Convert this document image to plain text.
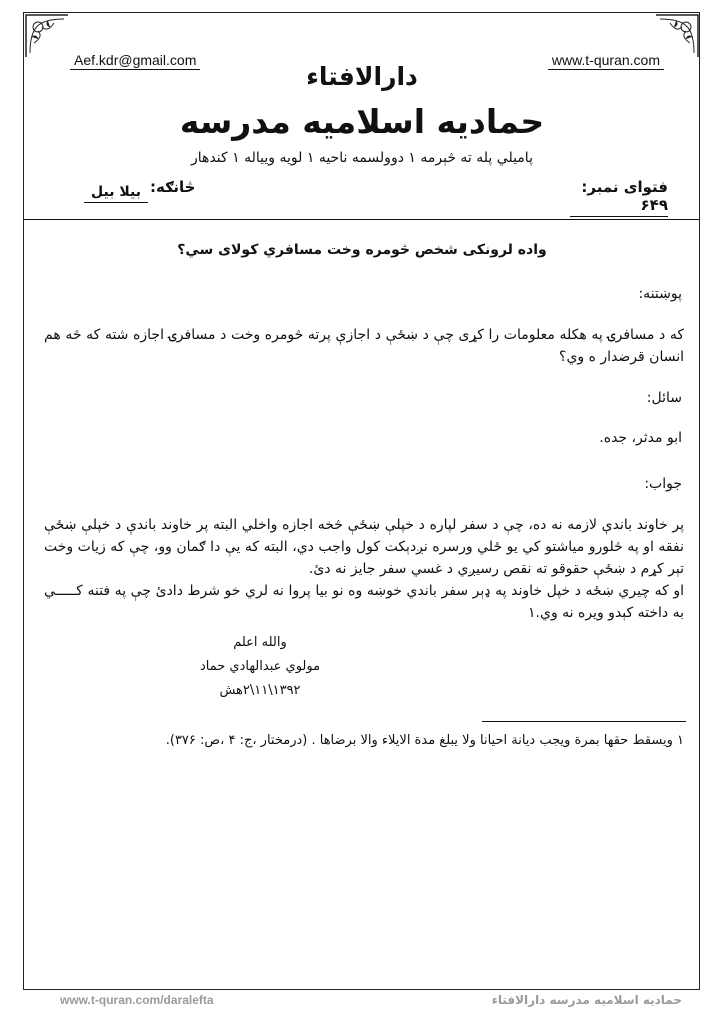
Aef.kdr@gmail.com	www.t-quran.com
دارالافتاء
حمادیه اسلامیه مدرسه
پاميلي پله ته څېرمه ۱ دوولسمه ناحيه ۱ لويه ويياله ۱ کندهار
فتوای نمبر: ۶۴۹
څانګه:
بيلا بيل
واده لرونکی شخص څومره وخت مسافري کولای سي؟
پوښتنه:
که د مسافرۍ په هکله معلومات را کړی چې د ښځې د اجازې پرته څومره وخت د مسافرۍ اجازه شته که څه هم انسان قرضدار ه وي؟
سائل:
ابو مدثر، جده.
جواب:
پر خاوند باندې لازمه نه ده، چې د سفر لپاره د خپلې ښځې څخه اجازه واخلي البته پر خاوند باندې د خپلې ښځې نفقه او په څلورو میاشتو کي يو ځلي ورسره نږدېکت کول واجب دي، البته که يې دا ګمان وو، چې که زيات وخت تېر کړم د ښځې حقوقو ته نقص رسيږي د غسي سفر جايز نه دئ.
او که چيري ښځه د خپل خاوند په ډېر سفر باندي خوښه وه نو بيا پروا نه لري خو شرط دادئ چې په فتنه کـــــي به داخته کېدو ويره نه وي.۱
والله اعلم
مولوي عبدالهادي حماد
۱۳۹۲\۱۱\۲هش
۱ ويسقط حقها بمرة ويجب ديانة احيانا ولا يبلغ مدة الايلاء والا برضاها . (درمختار ،ج: ۴ ،ص: ۳۷۶).
www.t-quran.com/daralefta	حمادیه اسلامیه مدرسه دارالافتاء
